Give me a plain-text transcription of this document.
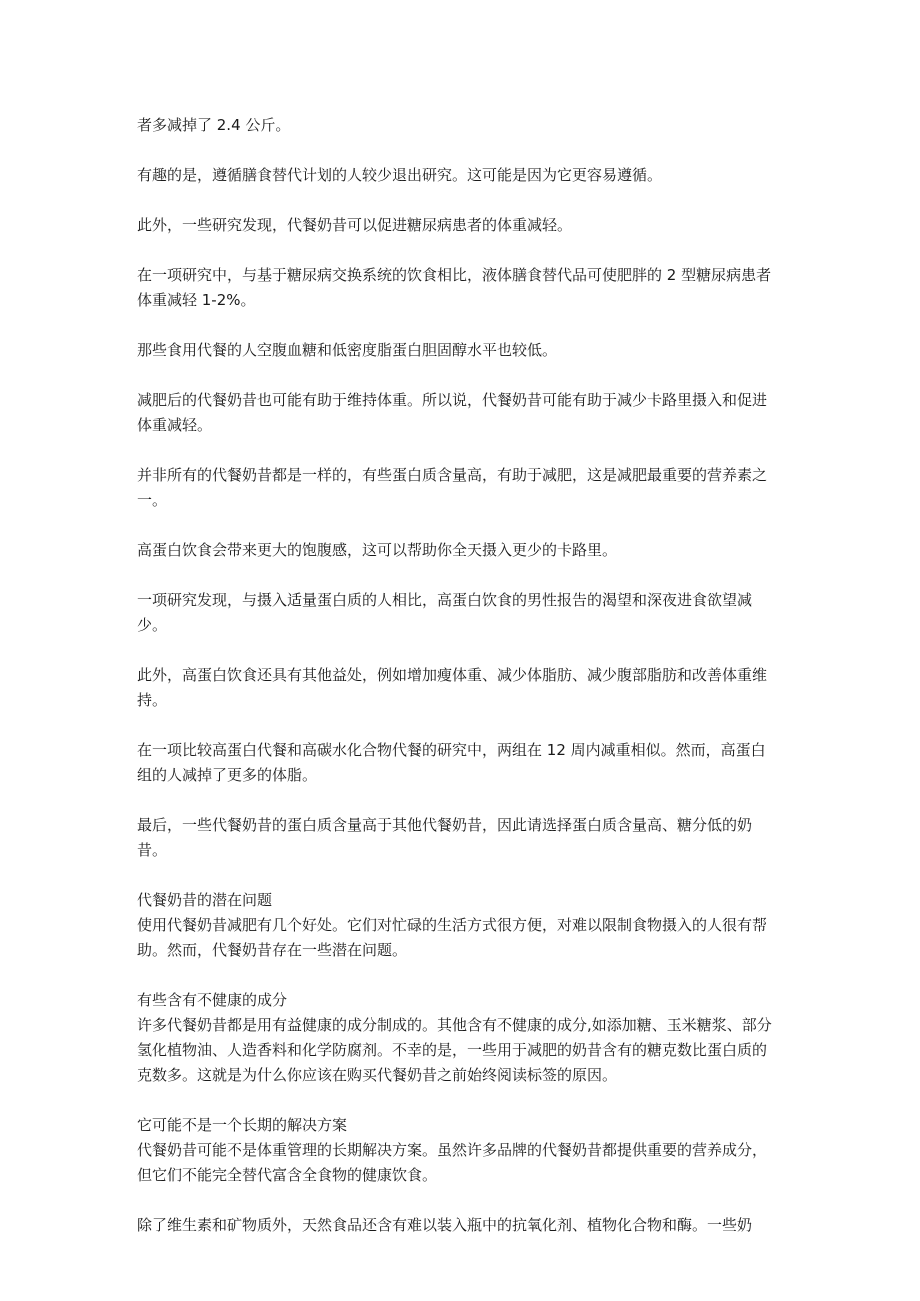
者多减掉了 2.4 公斤。

有趣的是，遵循膳食替代计划的人较少退出研究。这可能是因为它更容易遵循。

此外，一些研究发现，代餐奶昔可以促进糖尿病患者的体重减轻。

在一项研究中，与基于糖尿病交换系统的饮食相比，液体膳食替代品可使肥胖的 2 型糖尿病患者体重减轻 1-2%。

那些食用代餐的人空腹血糖和低密度脂蛋白胆固醇水平也较低。

减肥后的代餐奶昔也可能有助于维持体重。所以说，代餐奶昔可能有助于减少卡路里摄入和促进体重减轻。

并非所有的代餐奶昔都是一样的，有些蛋白质含量高，有助于减肥，这是减肥最重要的营养素之一。

高蛋白饮食会带来更大的饱腹感，这可以帮助你全天摄入更少的卡路里。

一项研究发现，与摄入适量蛋白质的人相比，高蛋白饮食的男性报告的渴望和深夜进食欲望减少。

此外，高蛋白饮食还具有其他益处，例如增加瘦体重、减少体脂肪、减少腹部脂肪和改善体重维持。

在一项比较高蛋白代餐和高碳水化合物代餐的研究中，两组在 12 周内减重相似。然而，高蛋白组的人减掉了更多的体脂。

最后，一些代餐奶昔的蛋白质含量高于其他代餐奶昔，因此请选择蛋白质含量高、糖分低的奶昔。

代餐奶昔的潜在问题

使用代餐奶昔减肥有几个好处。它们对忙碌的生活方式很方便，对难以限制食物摄入的人很有帮助。然而，代餐奶昔存在一些潜在问题。

有些含有不健康的成分

许多代餐奶昔都是用有益健康的成分制成的。其他含有不健康的成分,如添加糖、玉米糖浆、部分氢化植物油、人造香料和化学防腐剂。不幸的是，一些用于减肥的奶昔含有的糖克数比蛋白质的克数多。这就是为什么你应该在购买代餐奶昔之前始终阅读标签的原因。

它可能不是一个长期的解决方案

代餐奶昔可能不是体重管理的长期解决方案。虽然许多品牌的代餐奶昔都提供重要的营养成分，但它们不能完全替代富含全食物的健康饮食。

除了维生素和矿物质外，天然食品还含有难以装入瓶中的抗氧化剂、植物化合物和酶。一些奶
